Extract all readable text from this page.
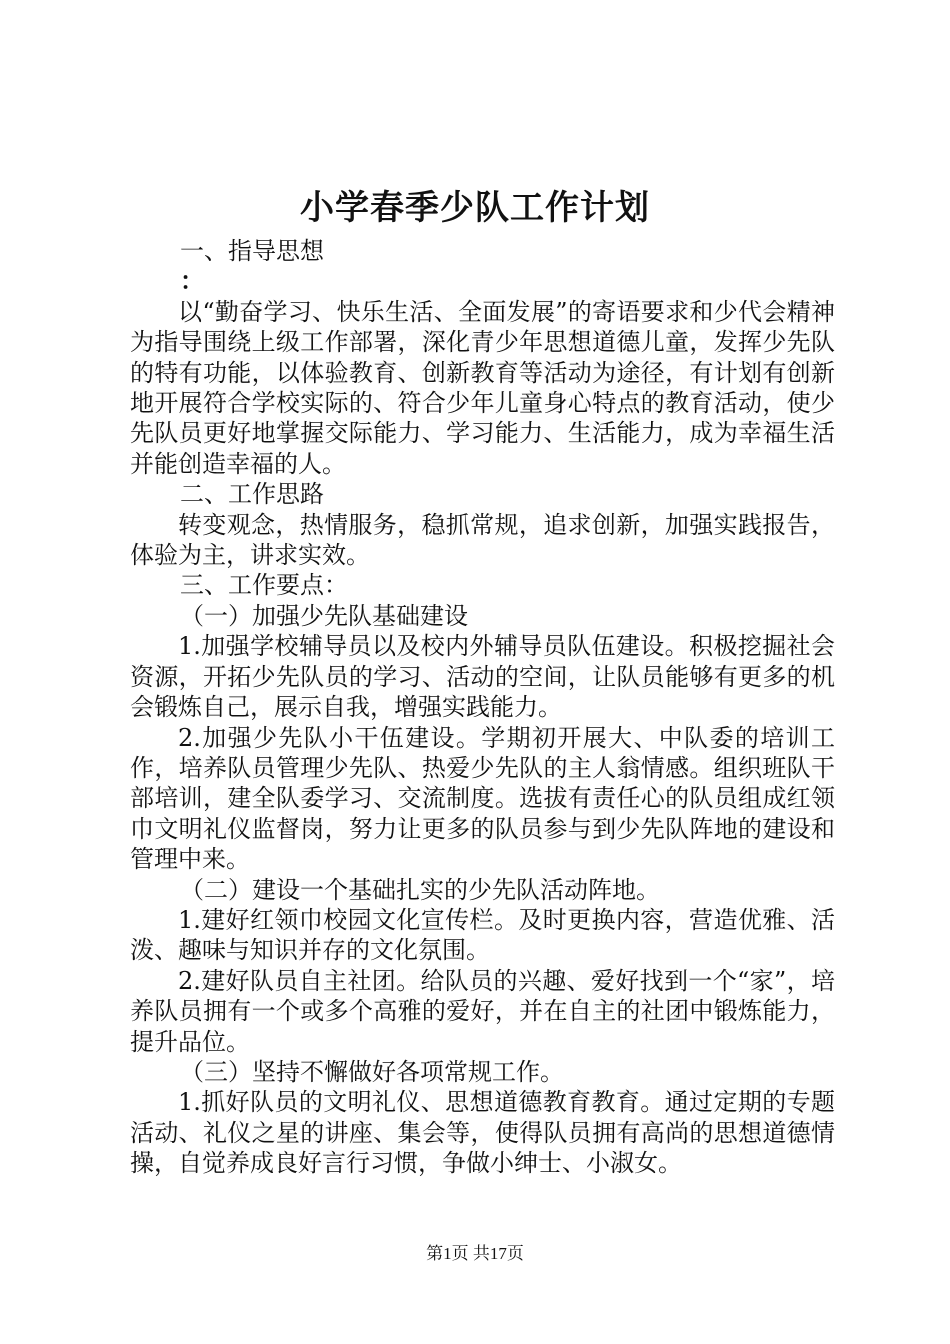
小学春季少队工作计划

一、指导思想

：

以“勤奋学习、快乐生活、全面发展”的寄语要求和少代会精神为指导围绕上级工作部署，深化青少年思想道德儿童，发挥少先队的特有功能，以体验教育、创新教育等活动为途径，有计划有创新地开展符合学校实际的、符合少年儿童身心特点的教育活动，使少先队员更好地掌握交际能力、学习能力、生活能力，成为幸福生活并能创造幸福的人。

二、工作思路

转变观念，热情服务，稳抓常规，追求创新，加强实践报告，体验为主，讲求实效。

三、工作要点：

（一）加强少先队基础建设

1.加强学校辅导员以及校内外辅导员队伍建设。积极挖掘社会资源，开拓少先队员的学习、活动的空间，让队员能够有更多的机会锻炼自己，展示自我，增强实践能力。

2.加强少先队小干伍建设。学期初开展大、中队委的培训工作，培养队员管理少先队、热爱少先队的主人翁情感。组织班队干部培训，建全队委学习、交流制度。选拔有责任心的队员组成红领巾文明礼仪监督岗，努力让更多的队员参与到少先队阵地的建设和管理中来。

（二）建设一个基础扎实的少先队活动阵地。

1.建好红领巾校园文化宣传栏。及时更换内容，营造优雅、活泼、趣味与知识并存的文化氛围。

2.建好队员自主社团。给队员的兴趣、爱好找到一个“家”，培养队员拥有一个或多个高雅的爱好，并在自主的社团中锻炼能力，提升品位。

（三）坚持不懈做好各项常规工作。

1.抓好队员的文明礼仪、思想道德教育教育。通过定期的专题活动、礼仪之星的讲座、集会等，使得队员拥有高尚的思想道德情操，自觉养成良好言行习惯，争做小绅士、小淑女。

第1页 共17页
